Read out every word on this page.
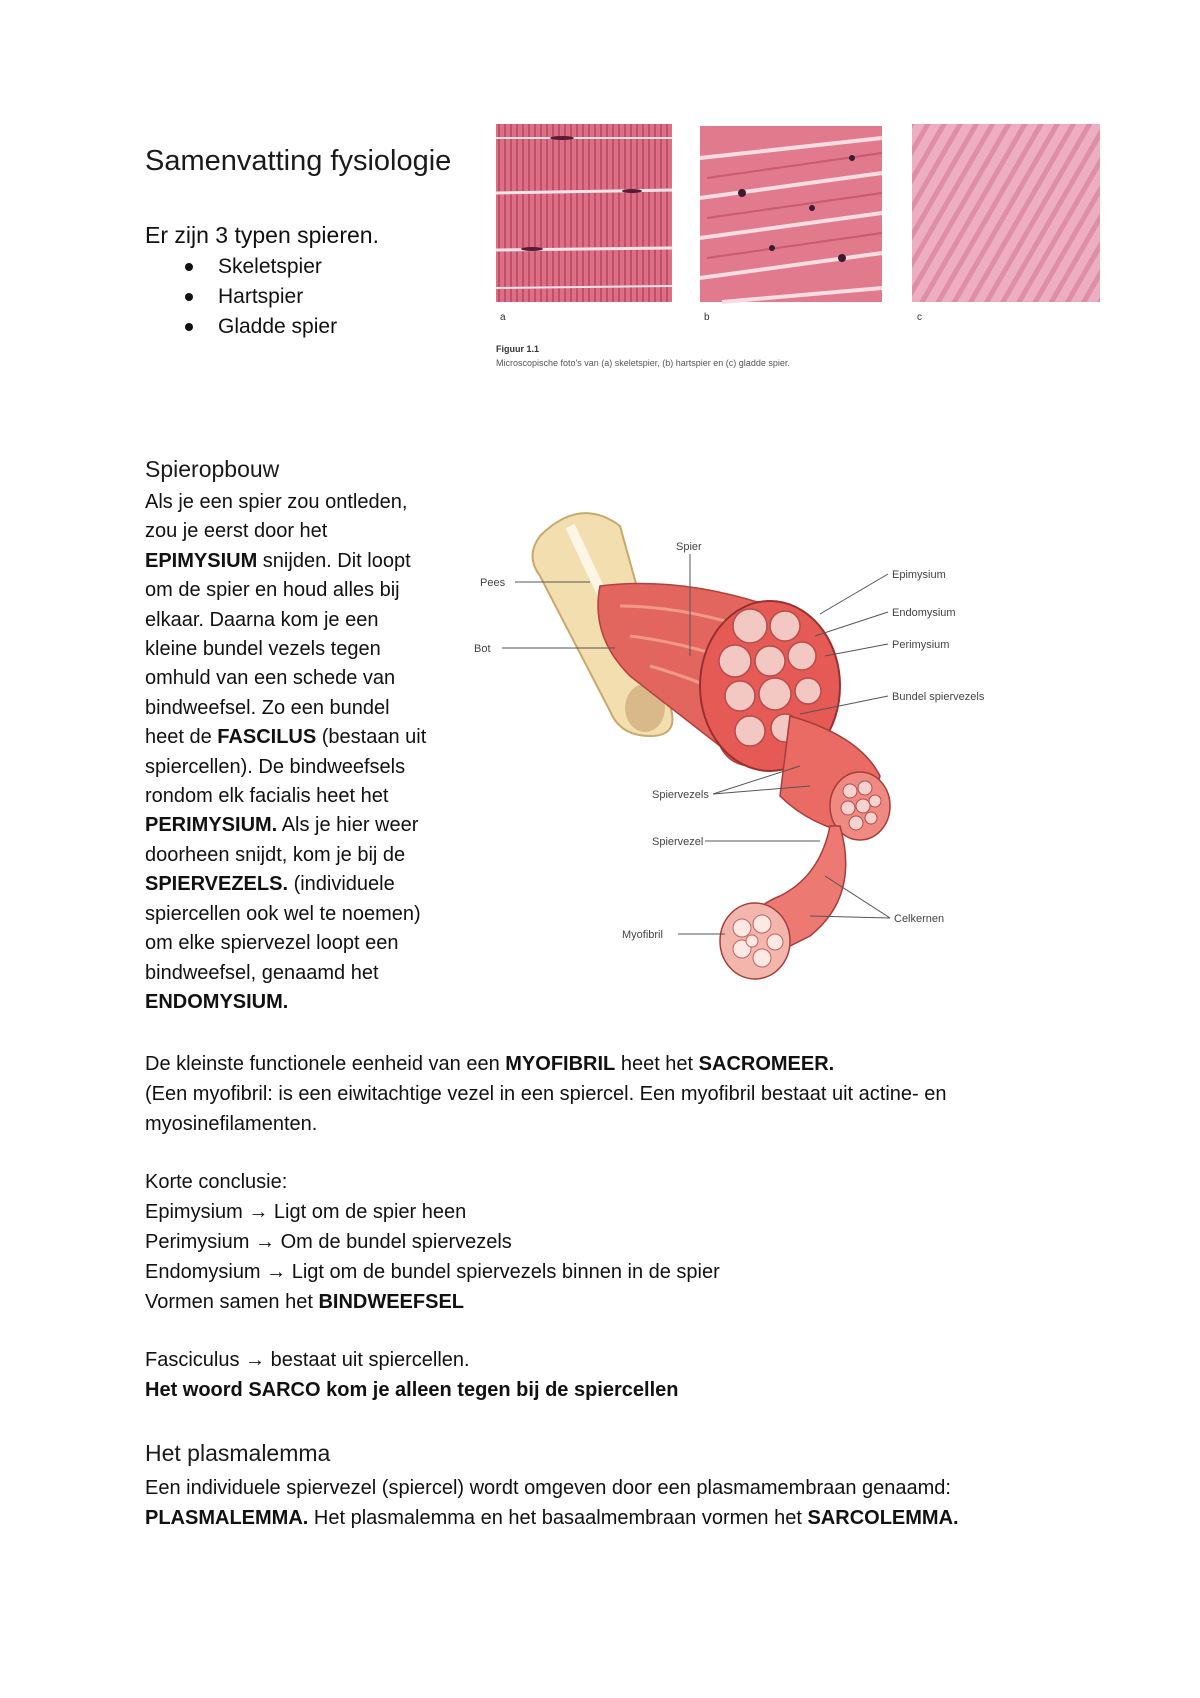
Samenvatting fysiologie
Er zijn 3 typen spieren.
Skeletspier
Hartspier
Gladde spier	a	b	c
Figuur 1.1
Microscopische foto's van (a) skeletspier, (b) hartspier en (c) gladde spier.
Spieropbouw
Als je een spier zou ontleden,
zou je eerst door het
EPIMYSIUM snijden. Dit loopt
om de spier en houd alles bij
elkaar. Daarna kom je een
kleine bundel vezels tegen
omhuld van een schede van
bindweefsel. Zo een bundel
heet de FASCILUS (bestaan uit
spiercellen). De bindweefsels
rondom elk facialis heet het
PERIMYSIUM. Als je hier weer
doorheen snijdt, kom je bij de
SPIERVEZELS. (individuele
spiercellen ook wel te noemen)
om elke spiervezel loopt een
bindweefsel, genaamd het
ENDOMYSIUM.
Spier
Pees
Bot
Epimysium
Endomysium
Perimysium
Bundel spiervezels
Spiervezels
Spiervezel
Myofibril
Celkernen
De kleinste functionele eenheid van een MYOFIBRIL heet het SACROMEER.
(Een myofibril: is een eiwitachtige vezel in een spiercel. Een myofibril bestaat uit actine- en
myosinefilamenten.
Korte conclusie:
Epimysium → Ligt om de spier heen
Perimysium → Om de bundel spiervezels
Endomysium → Ligt om de bundel spiervezels binnen in de spier
Vormen samen het BINDWEEFSEL
Fasciculus → bestaat uit spiercellen.
Het woord SARCO kom je alleen tegen bij de spiercellen
Het plasmalemma
Een individuele spiervezel (spiercel) wordt omgeven door een plasmamembraan genaamd:
PLASMALEMMA. Het plasmalemma en het basaalmembraan vormen het SARCOLEMMA.
